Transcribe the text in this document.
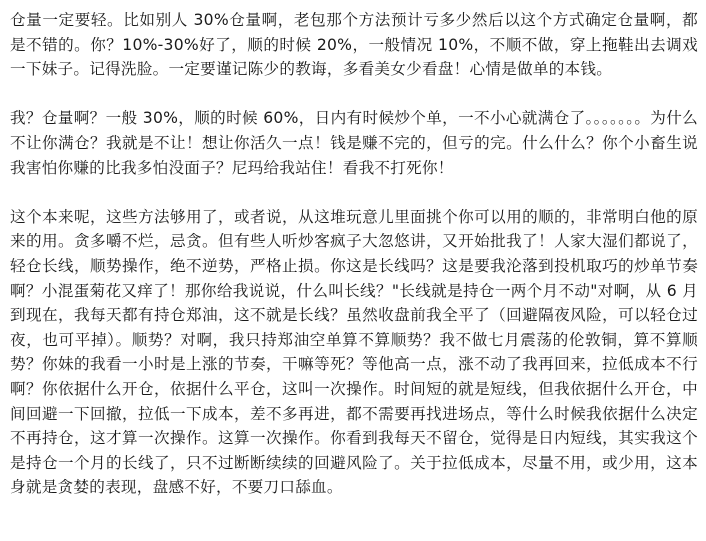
仓量一定要轻。比如别人 30%仓量啊，老包那个方法预计亏多少然后以这个方式确定仓量啊，都是不错的。你？10%-30%好了，顺的时候 20%，一般情况 10%，不顺不做，穿上拖鞋出去调戏一下妹子。记得洗脸。一定要谨记陈少的教诲，多看美女少看盘！心情是做单的本钱。

我？仓量啊？一般 30%，顺的时候 60%，日内有时候炒个单，一不小心就满仓了。。。。。。。为什么不让你满仓？我就是不让！想让你活久一点！钱是赚不完的，但亏的完。什么什么？你个小畜生说我害怕你赚的比我多怕没面子？尼玛给我站住！看我不打死你！

这个本来呢，这些方法够用了，或者说，从这堆玩意儿里面挑个你可以用的顺的，非常明白他的原来的用。贪多嚼不烂，忌贪。但有些人听炒客疯子大忽悠讲，又开始批我了！人家大湿们都说了，轻仓长线，顺势操作，绝不逆势，严格止损。你这是长线吗？这是要我沦落到投机取巧的炒单节奏啊？小混蛋菊花又痒了！那你给我说说，什么叫长线？"长线就是持仓一两个月不动"对啊，从 6 月到现在，我每天都有持仓郑油，这不就是长线？虽然收盘前我全平了（回避隔夜风险，可以轻仓过夜，也可平掉）。顺势？对啊，我只持郑油空单算不算顺势？我不做七月震荡的伦敦铜，算不算顺势？你妹的我看一小时是上涨的节奏，干嘛等死？等他高一点，涨不动了我再回来，拉低成本不行啊？你依据什么开仓，依据什么平仓，这叫一次操作。时间短的就是短线，但我依据什么开仓，中间回避一下回撤，拉低一下成本，差不多再进，都不需要再找进场点，等什么时候我依据什么决定不再持仓，这才算一次操作。这算一次操作。你看到我每天不留仓，觉得是日内短线，其实我这个是持仓一个月的长线了，只不过断断续续的回避风险了。关于拉低成本，尽量不用，或少用，这本身就是贪婪的表现，盘感不好，不要刀口舔血。
